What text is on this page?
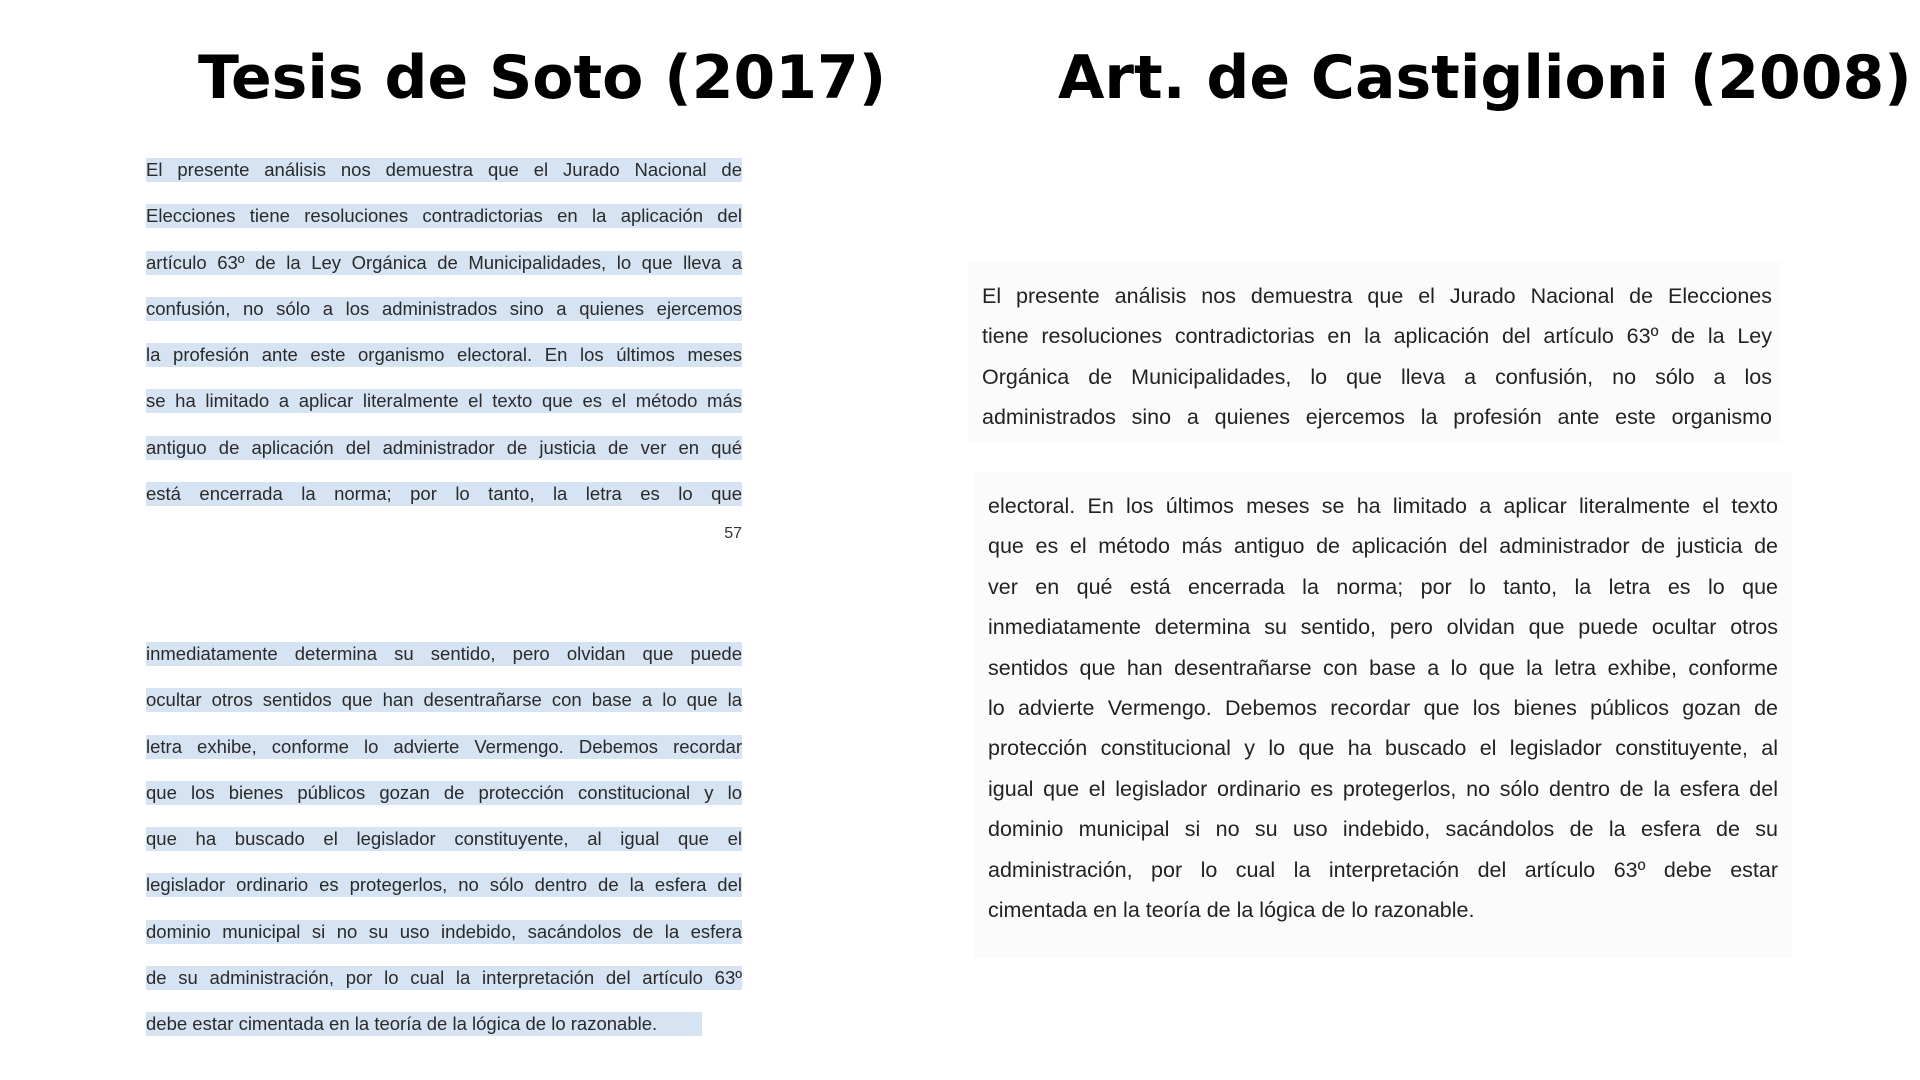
Tesis de Soto (2017)	Art. de Castiglioni (2008)
El presente análisis nos demuestra que el Jurado Nacional de
Elecciones tiene resoluciones contradictorias en la aplicación del
artículo 63º de la Ley Orgánica de Municipalidades, lo que lleva a
confusión, no sólo a los administrados sino a quienes ejercemos
la profesión ante este organismo electoral. En los últimos meses
se ha limitado a aplicar literalmente el texto que es el método más
antiguo de aplicación del administrador de justicia de ver en qué
está encerrada la norma; por lo tanto, la letra es lo que
57
inmediatamente determina su sentido, pero olvidan que puede
ocultar otros sentidos que han desentrañarse con base a lo que la
letra exhibe, conforme lo advierte Vermengo. Debemos recordar
que los bienes públicos gozan de protección constitucional y lo
que ha buscado el legislador constituyente, al igual que el
legislador ordinario es protegerlos, no sólo dentro de la esfera del
dominio municipal si no su uso indebido, sacándolos de la esfera
de su administración, por lo cual la interpretación del artículo 63º
debe estar cimentada en la teoría de la lógica de lo razonable.
El presente análisis nos demuestra que el Jurado Nacional de Elecciones
tiene resoluciones contradictorias en la aplicación del artículo 63º de la Ley
Orgánica de Municipalidades, lo que lleva a confusión, no sólo a los
administrados sino a quienes ejercemos la profesión ante este organismo
electoral. En los últimos meses se ha limitado a aplicar literalmente el texto
que es el método más antiguo de aplicación del administrador de justicia de
ver en qué está encerrada la norma; por lo tanto, la letra es lo que
inmediatamente determina su sentido, pero olvidan que puede ocultar otros
sentidos que han desentrañarse con base a lo que la letra exhibe, conforme
lo advierte Vermengo. Debemos recordar que los bienes públicos gozan de
protección constitucional y lo que ha buscado el legislador constituyente, al
igual que el legislador ordinario es protegerlos, no sólo dentro de la esfera del
dominio municipal si no su uso indebido, sacándolos de la esfera de su
administración, por lo cual la interpretación del artículo 63º debe estar
cimentada en la teoría de la lógica de lo razonable.
